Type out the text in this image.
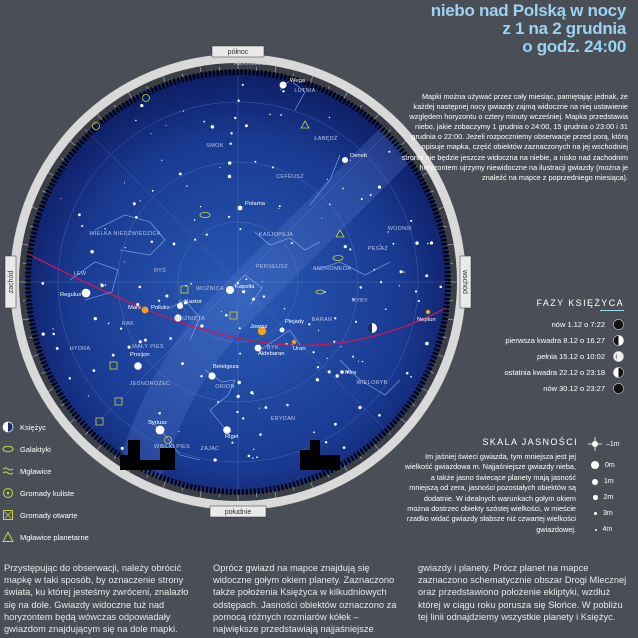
niebo nad Polską w nocy
z 1 na 2 grudnia
o godz. 24:00
Wega
Deneb
Polarna
Kapella
Kastor
Polluks
Regulus
Procjon
Plejady
Aldebaran
Betelgeza
Rigel
Syriusz
Mira
Mars
Jowisz
Uran
Neptun
LUTNIA
ŁABĘDŹ
CEFEUSZ
KASJOPEJA
ANDROMEDA
PERSEUSZ
WOŹNICA
BLIŹNIĘTA
BYK
ORION
BARAN
RYBY
PEGAZ
WIELKA NIEDŹWIEDZICA
SMOK
LEW
RAK
MAŁY PIES
JEDNOROŻEC
WIELKI PIES ZAJĄC
WIELORYB
ERYDAN
HERKULES
RYŚ
HYDRA
WODNIK
północ
południe
zachód	wschód
Mapki można używać przez cały miesiąc, pamiętając jednak, że każdej następnej nocy gwiazdy zajmą widoczne na niej ustawienie względem horyzontu o cztery minuty wcześniej. Mapka przedstawia niebo, jakie zobaczymy 1 grudnia o 24:00, 15 grudnia o 23:00 i 31 grudnia o 22:00. Jeżeli rozpoczniemy obserwacje przed porą, którą opisuje mapka, część obiektów zaznaczonych na jej wschodniej stronie nie będzie jeszcze widoczna na niebie, a nisko nad zachodnim horyzontem ujrzymy niewidoczne na ilustracji gwiazdy (można je znaleźć na mapce z poprzedniego miesiąca).
FAZY KSIĘŻYCA
nów 1.12 o 7:22
pierwsza kwadra 8.12 o 16.27
pełnia 15.12 o 10:02
ostatnia kwadra 22.12 o 23:18
nów 30.12 o 23:27
SKALA JASNOŚCI
Im jaśniej świeci gwiazda, tym mniejsza jest jej wielkość gwiazdowa m. Najjaśniejsze gwiazdy nieba, a także jasno świecące planety mają jasność mniejszą od zera, jasności pozostałych obiektów są dodatnie. W idealnych warunkach gołym okiem można dostrzec obiekty szóstej wielkości, w mieście rzadko widać gwiazdy słabsze niż czwartej wielkości gwiazdowej.
–1m
0m
1m
2m
3m
4m
Księżyc
Galaktyki
Mgławice
Gromady kuliste
Gromady otwarte
Mgławice planetarne
Przystępując do obserwacji, należy obrócić mapkę w taki sposób, by oznaczenie strony świata, ku której jesteśmy zwróceni, znalazło się na dole. Gwiazdy widoczne tuż nad horyzontem będą wówczas odpowiadały gwiazdom znajdującym się na dole mapki.
Oprócz gwiazd na mapce znajdują się widoczne gołym okiem planety. Zaznaczono także położenia Księżyca w kilkudniowych odstępach. Jasności obiektów oznaczono za pomocą różnych rozmiarów kółek – największe przedstawiają najjaśniejsze
gwiazdy i planety. Prócz planet na mapce zaznaczono schematycznie obszar Drogi Mlecznej oraz przedstawiono położenie ekliptyki, wzdłuż której w ciągu roku porusza się Słońce. W pobliżu tej linii odnajdziemy wszystkie planety i Księżyc.
